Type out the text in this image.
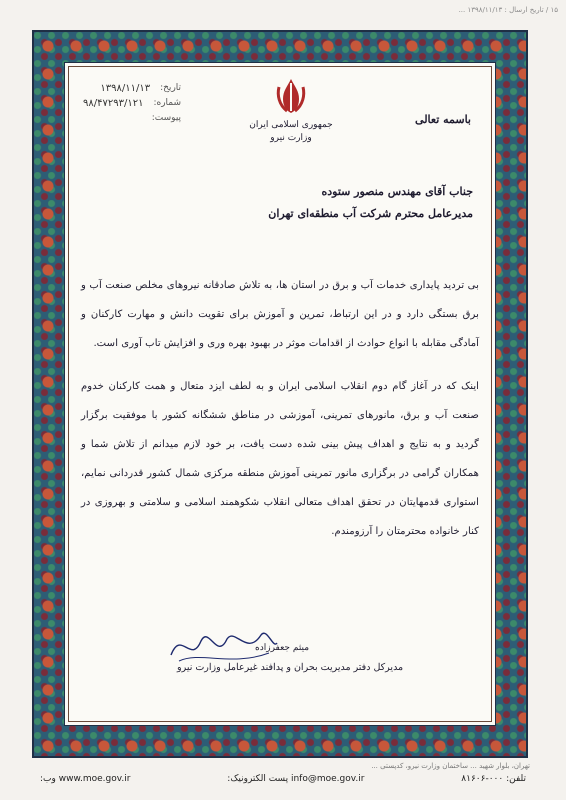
۱۵ / تاریخ ارسال : ۱۳۹۸/۱۱/۱۳ ...
تاریخ:
۱۳۹۸/۱۱/۱۳
شماره:
۹۸/۴۷۲۹۳/۱۲۱
پیوست:
جمهوری اسلامی ایران
وزارت نیرو
باسمه تعالی
جناب آقای مهندس منصور ستوده
مدیرعامل محترم شرکت آب منطقه‌ای تهران

بی تردید پایداری خدمات آب و برق در استان ها، به تلاش صادقانه نیروهای مخلص صنعت آب و برق بستگی دارد و در این ارتباط، تمرین و آموزش برای تقویت دانش و مهارت کارکنان و آمادگی مقابله با انواع حوادث از اقدامات موثر در بهبود بهره وری و افزایش تاب آوری است.

اینک که در آغاز گام دوم انقلاب اسلامی ایران و به لطف ایزد متعال و همت کارکنان خدوم صنعت آب و برق، مانورهای تمرینی، آموزشی در مناطق ششگانه کشور با موفقیت برگزار گردید و به نتایج و اهداف پیش بینی شده دست یافت، بر خود لازم میدانم از تلاش شما و همکاران گرامی در برگزاری مانور تمرینی آموزش منطقه مرکزی شمال کشور قدردانی نمایم، استواری قدمهایتان در تحقق اهداف متعالی انقلاب شکوهمند اسلامی و سلامتی و بهروزی در کنار خانواده محترمتان را آرزومندم.

میثم جعفرزاده
مدیرکل دفتر مدیریت بحران و پدافند غیرعامل وزارت نیرو
تهران، بلوار شهید ... ساختمان وزارت نیرو، کدپستی ...
تلفن: ۰۰۰-۸۱۶۰۶
info@moe.gov.ir پست الکترونیک:
www.moe.gov.ir وب:
